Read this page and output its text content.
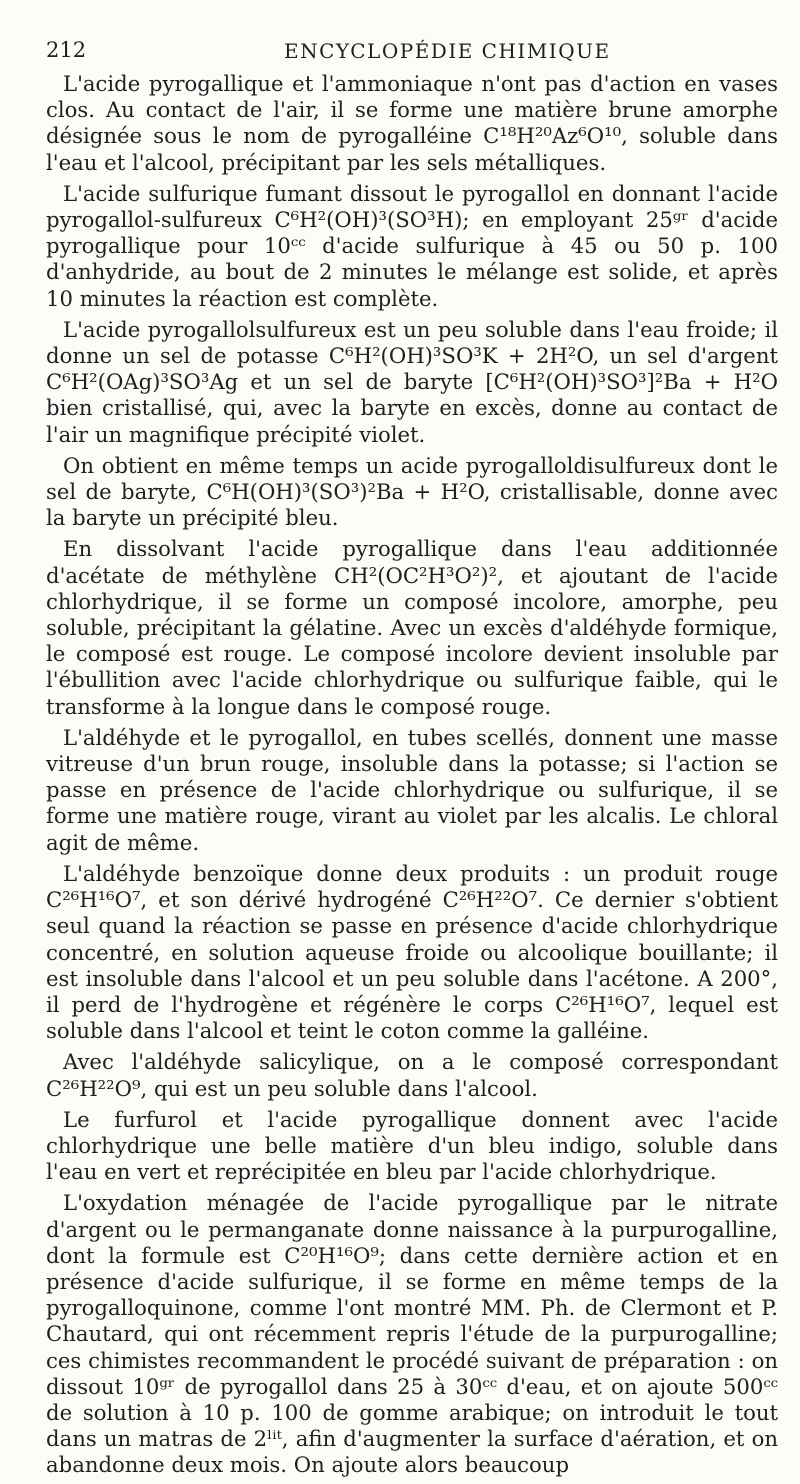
212	ENCYCLOPÉDIE CHIMIQUE

L'acide pyrogallique et l'ammoniaque n'ont pas d'action en vases clos. Au contact de l'air, il se forme une matière brune amorphe désignée sous le nom de pyrogalléine C¹⁸H²⁰Az⁶O¹⁰, soluble dans l'eau et l'alcool, précipitant par les sels métalliques.

L'acide sulfurique fumant dissout le pyrogallol en donnant l'acide pyrogallol-sulfureux C⁶H²(OH)³(SO³H); en employant 25ᵍʳ d'acide pyrogallique pour 10ᶜᶜ d'acide sulfurique à 45 ou 50 p. 100 d'anhydride, au bout de 2 minutes le mélange est solide, et après 10 minutes la réaction est complète.

L'acide pyrogallolsulfureux est un peu soluble dans l'eau froide; il donne un sel de potasse C⁶H²(OH)³SO³K + 2H²O, un sel d'argent C⁶H²(OAg)³SO³Ag et un sel de baryte [C⁶H²(OH)³SO³]²Ba + H²O bien cristallisé, qui, avec la baryte en excès, donne au contact de l'air un magnifique précipité violet.

On obtient en même temps un acide pyrogalloldisulfureux dont le sel de baryte, C⁶H(OH)³(SO³)²Ba + H²O, cristallisable, donne avec la baryte un précipité bleu.

En dissolvant l'acide pyrogallique dans l'eau additionnée d'acétate de méthylène CH²(OC²H³O²)², et ajoutant de l'acide chlorhydrique, il se forme un composé incolore, amorphe, peu soluble, précipitant la gélatine. Avec un excès d'aldéhyde formique, le composé est rouge. Le composé incolore devient insoluble par l'ébullition avec l'acide chlorhydrique ou sulfurique faible, qui le transforme à la longue dans le composé rouge.

L'aldéhyde et le pyrogallol, en tubes scellés, donnent une masse vitreuse d'un brun rouge, insoluble dans la potasse; si l'action se passe en présence de l'acide chlorhydrique ou sulfurique, il se forme une matière rouge, virant au violet par les alcalis. Le chloral agit de même.

L'aldéhyde benzoïque donne deux produits : un produit rouge C²⁶H¹⁶O⁷, et son dérivé hydrogéné C²⁶H²²O⁷. Ce dernier s'obtient seul quand la réaction se passe en présence d'acide chlorhydrique concentré, en solution aqueuse froide ou alcoolique bouillante; il est insoluble dans l'alcool et un peu soluble dans l'acétone. A 200°, il perd de l'hydrogène et régénère le corps C²⁶H¹⁶O⁷, lequel est soluble dans l'alcool et teint le coton comme la galléine.

Avec l'aldéhyde salicylique, on a le composé correspondant C²⁶H²²O⁹, qui est un peu soluble dans l'alcool.

Le furfurol et l'acide pyrogallique donnent avec l'acide chlorhydrique une belle matière d'un bleu indigo, soluble dans l'eau en vert et reprécipitée en bleu par l'acide chlorhydrique.

L'oxydation ménagée de l'acide pyrogallique par le nitrate d'argent ou le permanganate donne naissance à la purpurogalline, dont la formule est C²⁰H¹⁶O⁹; dans cette dernière action et en présence d'acide sulfurique, il se forme en même temps de la pyrogalloquinone, comme l'ont montré MM. Ph. de Clermont et P. Chautard, qui ont récemment repris l'étude de la purpurogalline; ces chimistes recommandent le procédé suivant de préparation : on dissout 10ᵍʳ de pyrogallol dans 25 à 30ᶜᶜ d'eau, et on ajoute 500ᶜᶜ de solution à 10 p. 100 de gomme arabique; on introduit le tout dans un matras de 2ˡⁱᵗ, afin d'augmenter la surface d'aération, et on abandonne deux mois. On ajoute alors beaucoup
